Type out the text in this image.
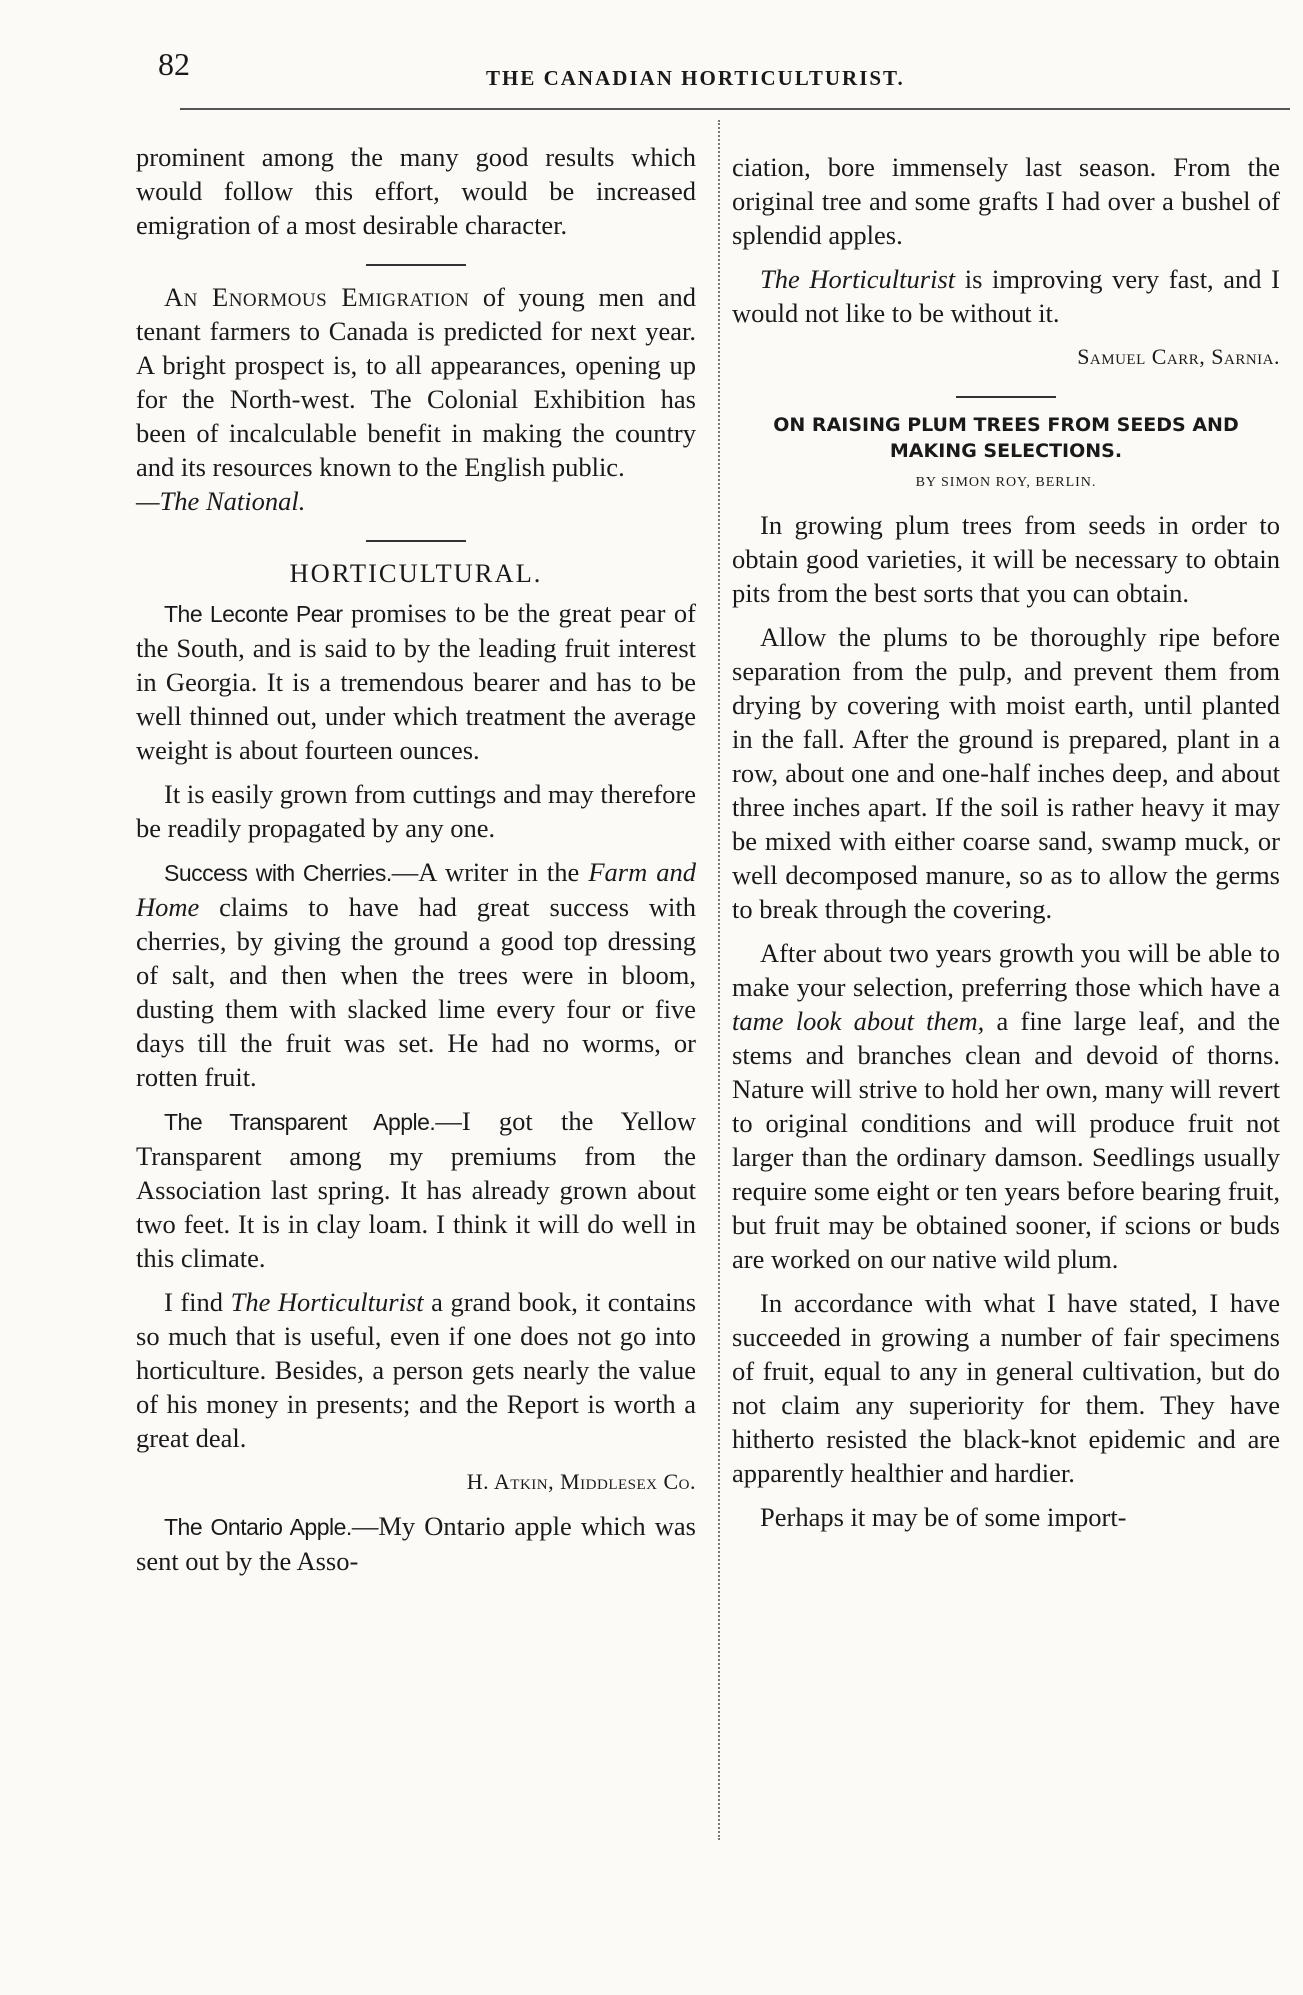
82	THE CANADIAN HORTICULTURIST.

prominent among the many good results which would follow this effort, would be increased emigration of a most desirable character.

An Enormous Emigration of young men and tenant farmers to Canada is predicted for next year. A bright prospect is, to all appearances, opening up for the North-west. The Colonial Exhibition has been of incalculable benefit in making the country and its resources known to the English public.
—The National.

HORTICULTURAL.

The Leconte Pear promises to be the great pear of the South, and is said to by the leading fruit interest in Georgia. It is a tremendous bearer and has to be well thinned out, under which treatment the average weight is about fourteen ounces.

It is easily grown from cuttings and may therefore be readily propagated by any one.

Success with Cherries.—A writer in the Farm and Home claims to have had great success with cherries, by giving the ground a good top dressing of salt, and then when the trees were in bloom, dusting them with slacked lime every four or five days till the fruit was set. He had no worms, or rotten fruit.

The Transparent Apple.—I got the Yellow Transparent among my premiums from the Association last spring. It has already grown about two feet. It is in clay loam. I think it will do well in this climate.

I find The Horticulturist a grand book, it contains so much that is useful, even if one does not go into horticulture. Besides, a person gets nearly the value of his money in presents; and the Report is worth a great deal.

H. Atkin, Middlesex Co.

The Ontario Apple.—My Ontario apple which was sent out by the Asso-

ciation, bore immensely last season. From the original tree and some grafts I had over a bushel of splendid apples.

The Horticulturist is improving very fast, and I would not like to be without it.

Samuel Carr, Sarnia.
ON RAISING PLUM TREES FROM SEEDS AND MAKING SELECTIONS.
BY SIMON ROY, BERLIN.

In growing plum trees from seeds in order to obtain good varieties, it will be necessary to obtain pits from the best sorts that you can obtain.

Allow the plums to be thoroughly ripe before separation from the pulp, and prevent them from drying by covering with moist earth, until planted in the fall. After the ground is prepared, plant in a row, about one and one-half inches deep, and about three inches apart. If the soil is rather heavy it may be mixed with either coarse sand, swamp muck, or well decomposed manure, so as to allow the germs to break through the covering.

After about two years growth you will be able to make your selection, preferring those which have a tame look about them, a fine large leaf, and the stems and branches clean and devoid of thorns. Nature will strive to hold her own, many will revert to original conditions and will produce fruit not larger than the ordinary damson. Seedlings usually require some eight or ten years before bearing fruit, but fruit may be obtained sooner, if scions or buds are worked on our native wild plum.

In accordance with what I have stated, I have succeeded in growing a number of fair specimens of fruit, equal to any in general cultivation, but do not claim any superiority for them. They have hitherto resisted the black-knot epidemic and are apparently healthier and hardier.

Perhaps it may be of some import-
